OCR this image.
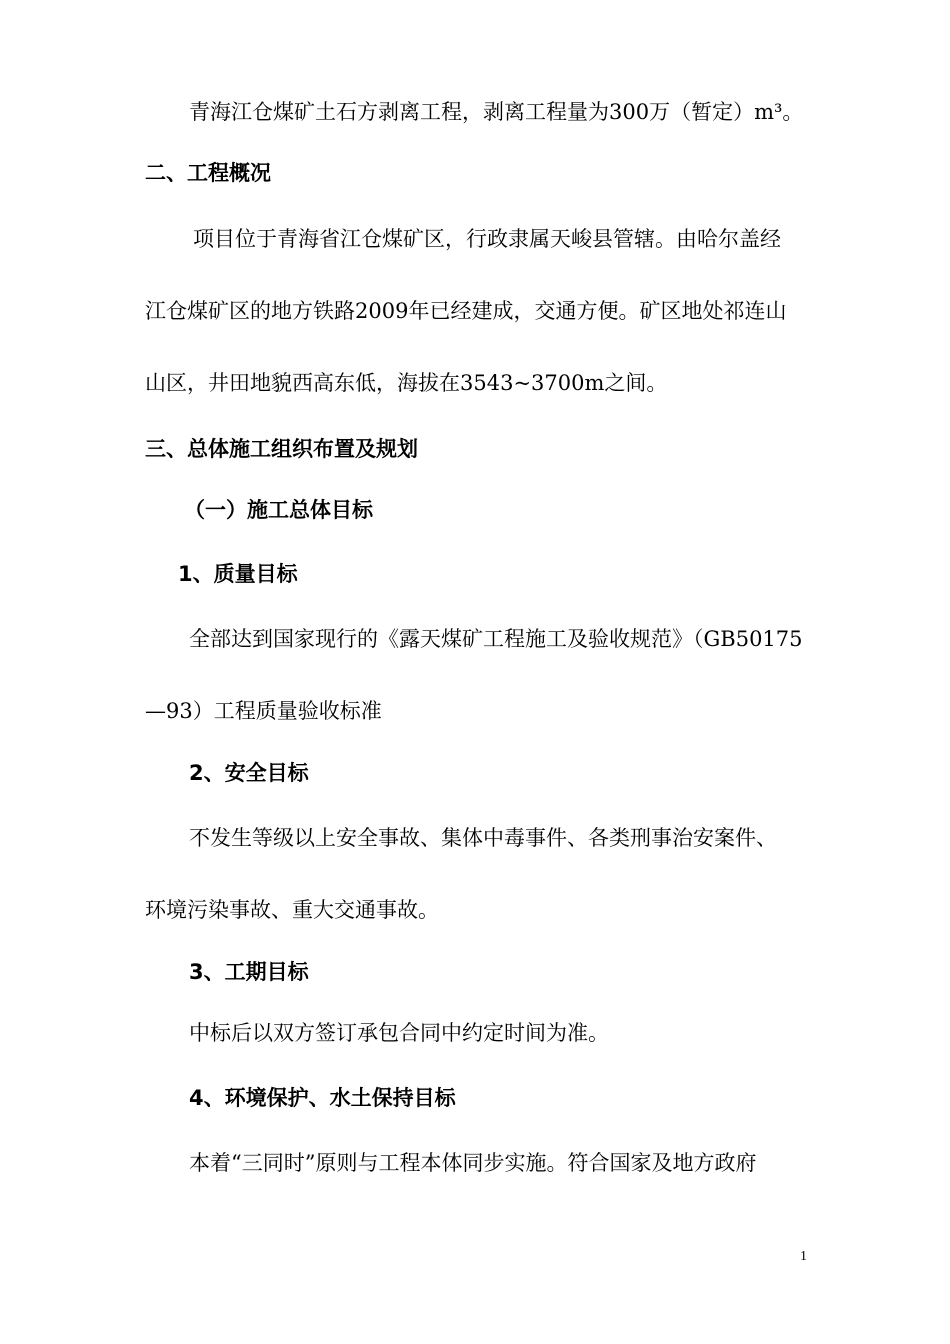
青海江仓煤矿土石方剥离工程，剥离工程量为300万（暂定）m³。
二、工程概况
项目位于青海省江仓煤矿区，行政隶属天峻县管辖。由哈尔盖经
江仓煤矿区的地方铁路2009年已经建成，交通方便。矿区地处祁连山
山区，井田地貌西高东低，海拔在3543~3700m之间。
三、总体施工组织布置及规划
（一）施工总体目标
1、质量目标
全部达到国家现行的《露天煤矿工程施工及验收规范》（GB50175
—93）工程质量验收标准
2、安全目标
不发生等级以上安全事故、集体中毒事件、各类刑事治安案件、
环境污染事故、重大交通事故。
3、工期目标
中标后以双方签订承包合同中约定时间为准。
4、环境保护、水土保持目标
本着“三同时”原则与工程本体同步实施。符合国家及地方政府
1
